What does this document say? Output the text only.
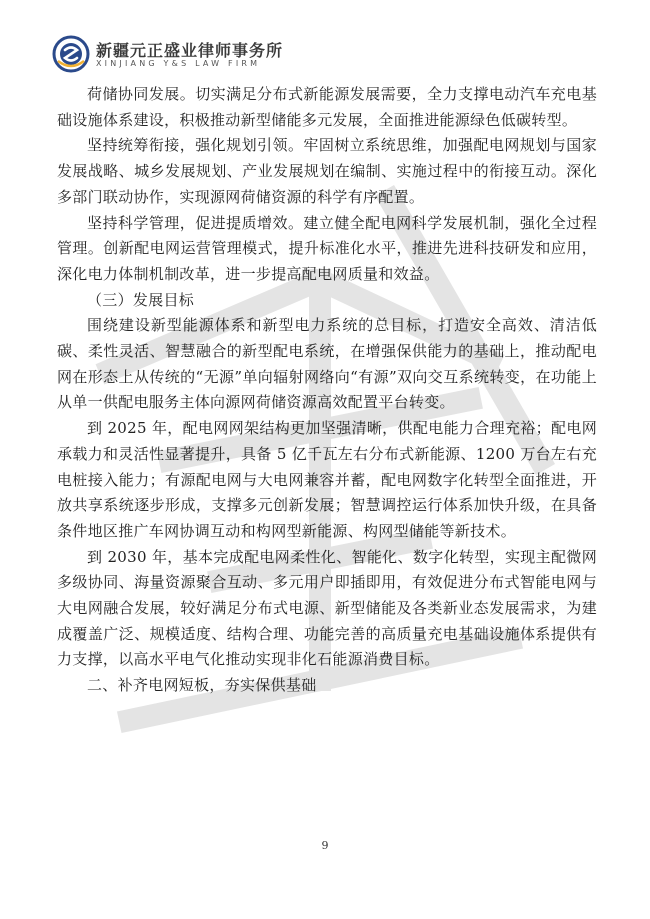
新疆元正盛业律师事务所
XINJIANG Y&S LAW FIRM

荷储协同发展。切实满足分布式新能源发展需要，全力支撑电动汽车充电基础设施体系建设，积极推动新型储能多元发展，全面推进能源绿色低碳转型。

坚持统筹衔接，强化规划引领。牢固树立系统思维，加强配电网规划与国家发展战略、城乡发展规划、产业发展规划在编制、实施过程中的衔接互动。深化多部门联动协作，实现源网荷储资源的科学有序配置。

坚持科学管理，促进提质增效。建立健全配电网科学发展机制，强化全过程管理。创新配电网运营管理模式，提升标准化水平，推进先进科技研发和应用，深化电力体制机制改革，进一步提高配电网质量和效益。

（三）发展目标

围绕建设新型能源体系和新型电力系统的总目标，打造安全高效、清洁低碳、柔性灵活、智慧融合的新型配电系统，在增强保供能力的基础上，推动配电网在形态上从传统的“无源”单向辐射网络向“有源”双向交互系统转变，在功能上从单一供配电服务主体向源网荷储资源高效配置平台转变。

到 2025 年，配电网网架结构更加坚强清晰，供配电能力合理充裕；配电网承载力和灵活性显著提升，具备 5 亿千瓦左右分布式新能源、1200 万台左右充电桩接入能力；有源配电网与大电网兼容并蓄，配电网数字化转型全面推进，开放共享系统逐步形成，支撑多元创新发展；智慧调控运行体系加快升级，在具备条件地区推广车网协调互动和构网型新能源、构网型储能等新技术。

到 2030 年，基本完成配电网柔性化、智能化、数字化转型，实现主配微网多级协同、海量资源聚合互动、多元用户即插即用，有效促进分布式智能电网与大电网融合发展，较好满足分布式电源、新型储能及各类新业态发展需求，为建成覆盖广泛、规模适度、结构合理、功能完善的高质量充电基础设施体系提供有力支撑，以高水平电气化推动实现非化石能源消费目标。

二、补齐电网短板，夯实保供基础

9
